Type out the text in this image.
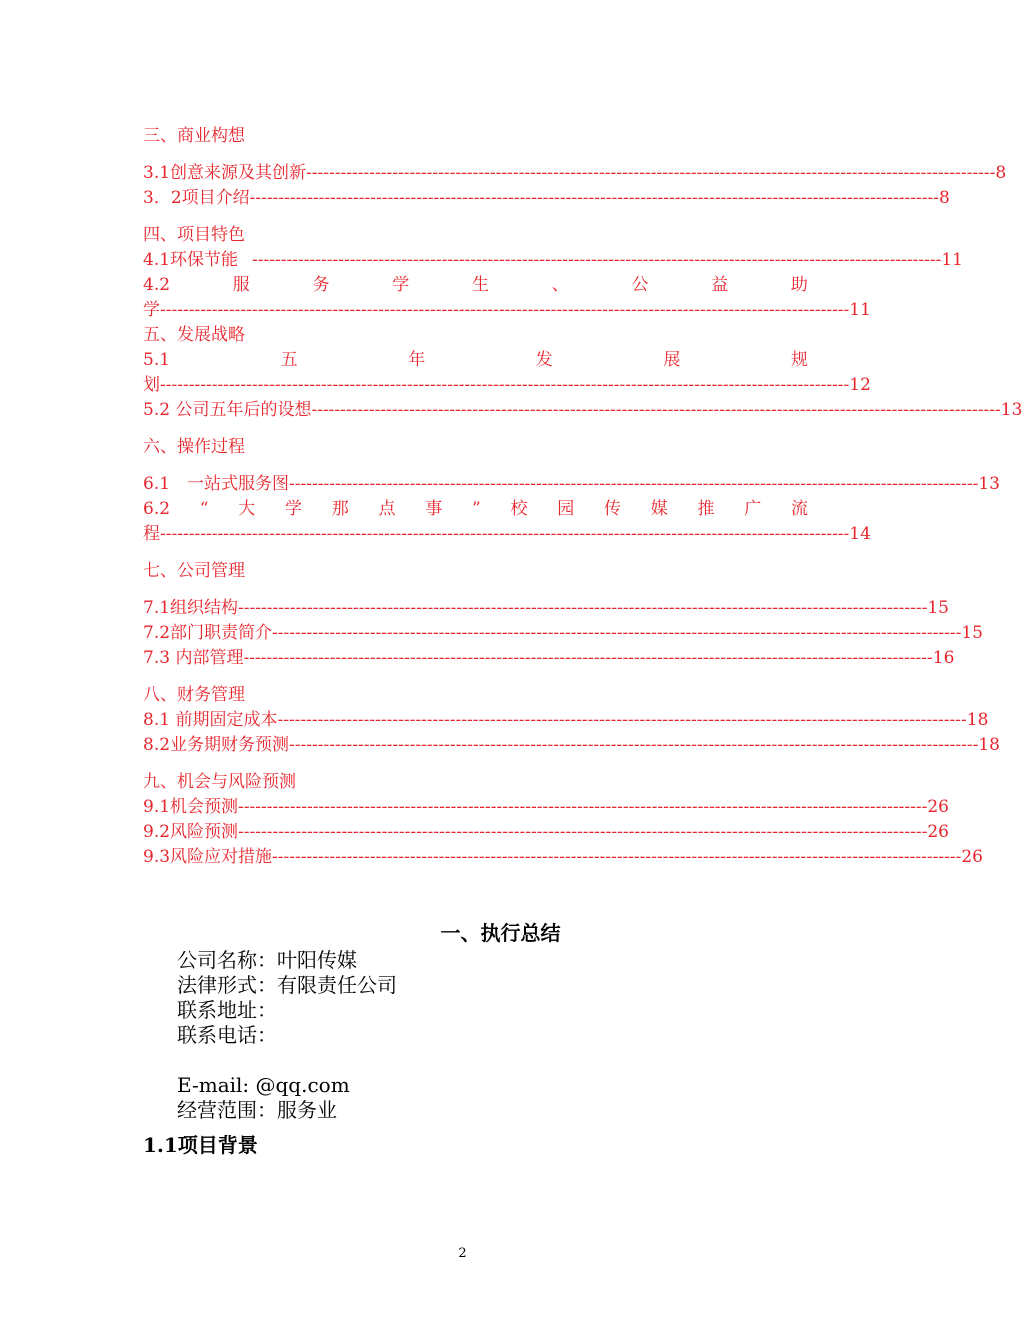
三、商业构想
3.1创意来源及其创新 ------------------------------------------------------------------------------------------------------------------------ 8
3．2项目介绍 ------------------------------------------------------------------------------------------------------------------------ 8
四、项目特色
4.1环保节能 ------------------------------------------------------------------------------------------------------------------------ 11
4.2	服	务	学	生	、	公	益	助
学 ------------------------------------------------------------------------------------------------------------------------ 11
五、发展战略
5.1	五	年	发	展	规
划 ------------------------------------------------------------------------------------------------------------------------ 12
5.2 公司五年后的设想 ------------------------------------------------------------------------------------------------------------------------ 13
六、操作过程
6.1　一站式服务图 ------------------------------------------------------------------------------------------------------------------------ 13
6.2 “ 大 学 那 点 事 ” 校 园 传 媒 推 广 流
程 ------------------------------------------------------------------------------------------------------------------------ 14
七、公司管理
7.1组织结构 ------------------------------------------------------------------------------------------------------------------------ 15
7.2部门职责简介 ------------------------------------------------------------------------------------------------------------------------ 15
7.3 内部管理 ------------------------------------------------------------------------------------------------------------------------ 16
八、财务管理
8.1 前期固定成本 ------------------------------------------------------------------------------------------------------------------------ 18
8.2业务期财务预测 ------------------------------------------------------------------------------------------------------------------------ 18
九、机会与风险预测
9.1机会预测 ------------------------------------------------------------------------------------------------------------------------ 26
9.2风险预测 ------------------------------------------------------------------------------------------------------------------------ 26
9.3风险应对措施 ------------------------------------------------------------------------------------------------------------------------ 26
一、执行总结
公司名称：叶阳传媒
法律形式：有限责任公司
联系地址：
联系电话：
E-mail: @qq.com
经营范围：服务业
1.1项目背景
2
